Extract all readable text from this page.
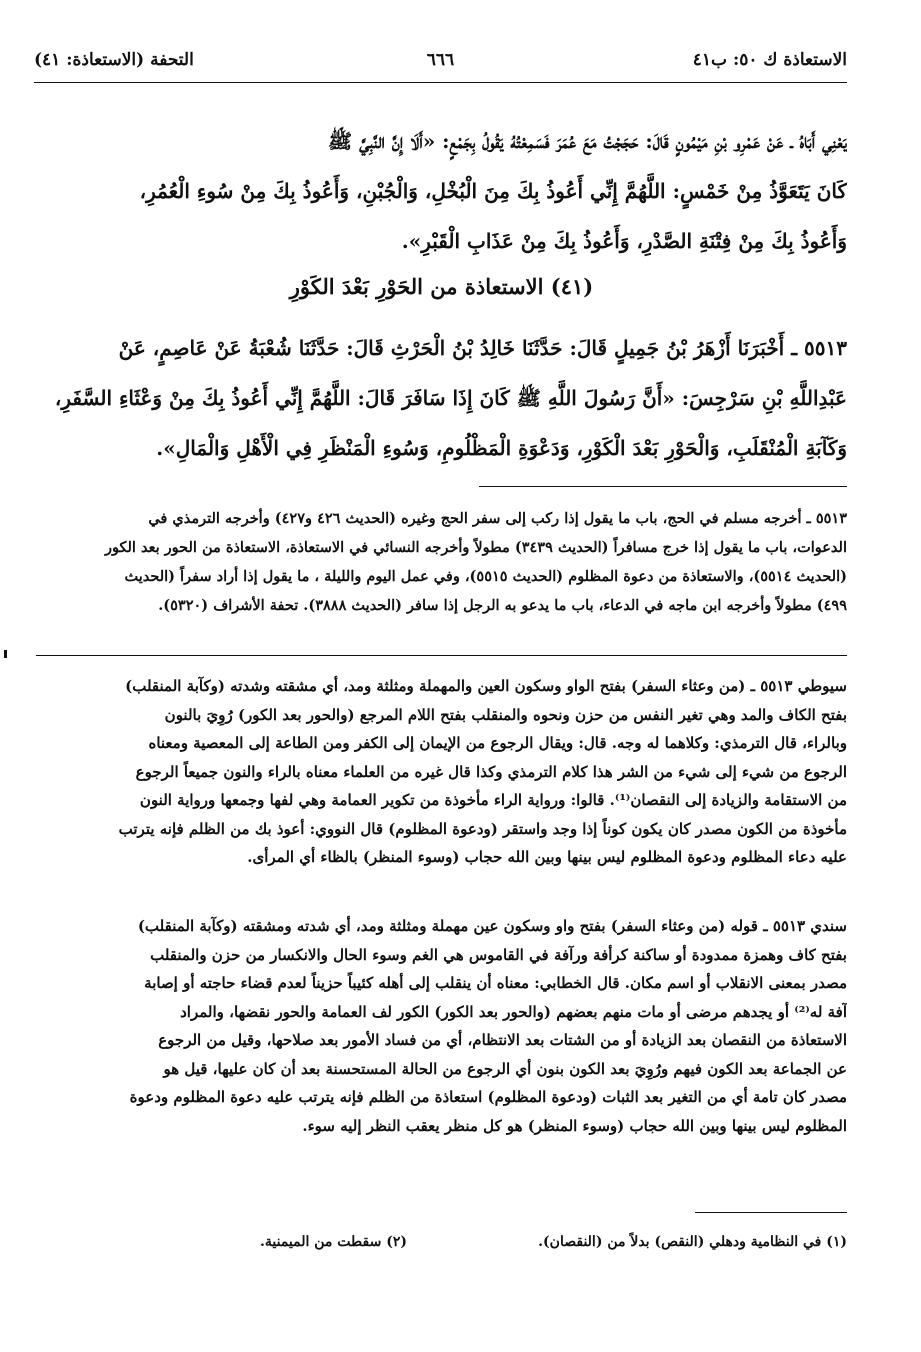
الاستعاذة ك ٥٠: ب٤١
٦٦٦
التحفة (الاستعاذة: ٤١)
يَعْنِي أَبَاهُ ـ عَنْ عَمْرِو بْنِ مَيْمُونٍ قَالَ: حَجَجْتُ مَعَ عُمَرَ فَسَمِعْتُهُ يَقُولُ بِجَمْعٍ: «أَلَا إِنَّ النَّبِيَّ ﷺ
كَانَ يَتَعَوَّذُ مِنْ خَمْسٍ: اللَّهُمَّ إِنِّي أَعُوذُ بِكَ مِنَ الْبُخْلِ، وَالْجُبْنِ، وَأَعُوذُ بِكَ مِنْ سُوءِ الْعُمُرِ،
وَأَعُوذُ بِكَ مِنْ فِتْنَةِ الصَّدْرِ، وَأَعُوذُ بِكَ مِنْ عَذَابِ الْقَبْرِ».
(٤١) الاستعاذة من الحَوْرِ بَعْدَ الكَوْرِ
٥٥١٣ ـ أَخْبَرَنَا أَزْهَرُ بْنُ جَمِيلٍ قَالَ: حَدَّثَنَا خَالِدُ بْنُ الْحَرْثِ قَالَ: حَدَّثَنَا شُعْبَةُ عَنْ عَاصِمٍ، عَنْ
عَبْدِاللَّهِ بْنِ سَرْجِسَ: «أَنَّ رَسُولَ اللَّهِ ﷺ كَانَ إِذَا سَافَرَ قَالَ: اللَّهُمَّ إِنِّي أَعُوذُ بِكَ مِنْ وَعْثَاءِ السَّفَرِ،
وَكَآبَةِ الْمُنْقَلَبِ، وَالْحَوْرِ بَعْدَ الْكَوْرِ، وَدَعْوَةِ الْمَظْلُومِ، وَسُوءِ الْمَنْظَرِ فِي الْأَهْلِ وَالْمَالِ».
٥٥١٣ ـ أخرجه مسلم في الحج، باب ما يقول إذا ركب إلى سفر الحج وغيره (الحديث ٤٢٦ و٤٢٧) وأخرجه الترمذي في
الدعوات، باب ما يقول إذا خرج مسافراً (الحديث ٣٤٣٩) مطولاً وأخرجه النسائي في الاستعاذة، الاستعاذة من الحور بعد الكور
(الحديث ٥٥١٤)، والاستعاذة من دعوة المظلوم (الحديث ٥٥١٥)، وفي عمل اليوم والليلة ، ما يقول إذا أراد سفراً (الحديث
٤٩٩) مطولاً وأخرجه ابن ماجه في الدعاء، باب ما يدعو به الرجل إذا سافر (الحديث ٣٨٨٨). تحفة الأشراف (٥٣٢٠).
سيوطي ٥٥١٣ ـ (من وعثاء السفر) بفتح الواو وسكون العين والمهملة ومثلثة ومد، أي مشقته وشدته (وكآبة المنقلب)
بفتح الكاف والمد وهي تغير النفس من حزن ونحوه والمنقلب بفتح اللام المرجع (والحور بعد الكور) رُوِيَ بالنون
وبالراء، قال الترمذي: وكلاهما له وجه. قال: ويقال الرجوع من الإيمان إلى الكفر ومن الطاعة إلى المعصية ومعناه
الرجوع من شيء إلى شيء من الشر هذا كلام الترمذي وكذا قال غيره من العلماء معناه بالراء والنون جميعاً الرجوع
من الاستقامة والزيادة إلى النقصان⁽¹⁾. قالوا: ورواية الراء مأخوذة من تكوير العمامة وهي لفها وجمعها ورواية النون
مأخوذة من الكون مصدر كان يكون كوناً إذا وجد واستقر (ودعوة المظلوم) قال النووي: أعوذ بك من الظلم فإنه يترتب
عليه دعاء المظلوم ودعوة المظلوم ليس بينها وبين الله حجاب (وسوء المنظر) بالظاء أي المرأى.
سندي ٥٥١٣ ـ قوله (من وعثاء السفر) بفتح واو وسكون عين مهملة ومثلثة ومد، أي شدته ومشقته (وكآبة المنقلب)
بفتح كاف وهمزة ممدودة أو ساكنة كرأفة ورآفة في القاموس هي الغم وسوء الحال والانكسار من حزن والمنقلب
مصدر بمعنى الانقلاب أو اسم مكان. قال الخطابي: معناه أن ينقلب إلى أهله كئيباً حزيناً لعدم قضاء حاجته أو إصابة
آفة له⁽²⁾ أو يجدهم مرضى أو مات منهم بعضهم (والحور بعد الكور) الكور لف العمامة والحور نقضها، والمراد
الاستعاذة من النقصان بعد الزيادة أو من الشتات بعد الانتظام، أي من فساد الأمور بعد صلاحها، وقيل من الرجوع
عن الجماعة بعد الكون فيهم ورُوِيَ بعد الكون بنون أي الرجوع من الحالة المستحسنة بعد أن كان عليها، قيل هو
مصدر كان تامة أي من التغير بعد الثبات (ودعوة المظلوم) استعاذة من الظلم فإنه يترتب عليه دعوة المظلوم ودعوة
المظلوم ليس بينها وبين الله حجاب (وسوء المنظر) هو كل منظر يعقب النظر إليه سوء.
(١) في النظامية ودهلي (النقص) بدلاً من (النقصان).
(٢) سقطت من الميمنية.
